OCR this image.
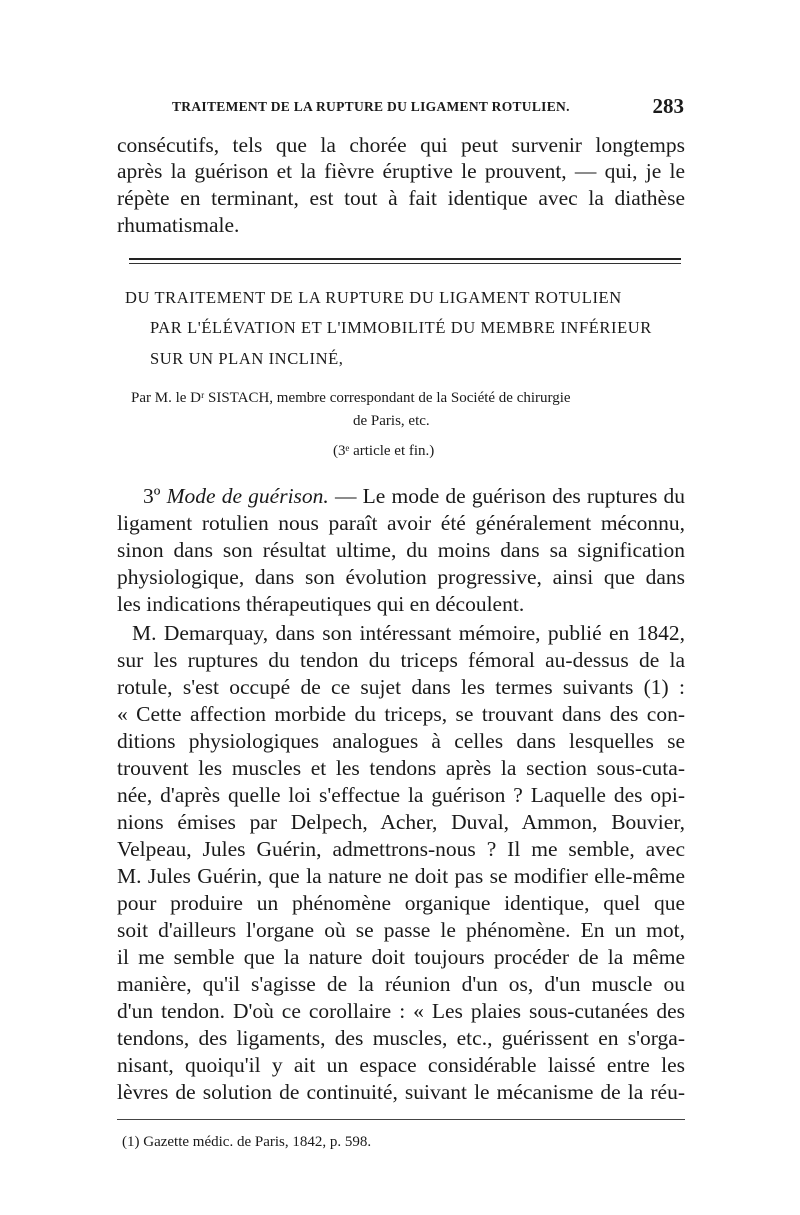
TRAITEMENT DE LA RUPTURE DU LIGAMENT ROTULIEN.	283
consécutifs, tels que la chorée qui peut survenir longtemps
après la guérison et la fièvre éruptive le prouvent, — qui, je le
répète en terminant, est tout à fait identique avec la diathèse
rhumatismale.
DU TRAITEMENT DE LA RUPTURE DU LIGAMENT ROTULIEN
PAR L'ÉLÉVATION ET L'IMMOBILITÉ DU MEMBRE INFÉRIEUR
SUR UN PLAN INCLINÉ,
Par M. le Dʳ SISTACH, membre correspondant de la Société de chirurgie
de Paris, etc.
(3ᵉ article et fin.)
3º Mode de guérison. — Le mode de guérison des ruptures du
ligament rotulien nous paraît avoir été généralement méconnu,
sinon dans son résultat ultime, du moins dans sa signification
physiologique, dans son évolution progressive, ainsi que dans
les indications thérapeutiques qui en découlent.
M. Demarquay, dans son intéressant mémoire, publié en 1842,
sur les ruptures du tendon du triceps fémoral au-dessus de la
rotule, s'est occupé de ce sujet dans les termes suivants (1) :
« Cette affection morbide du triceps, se trouvant dans des con-
ditions physiologiques analogues à celles dans lesquelles se
trouvent les muscles et les tendons après la section sous-cuta-
née, d'après quelle loi s'effectue la guérison ? Laquelle des opi-
nions émises par Delpech, Acher, Duval, Ammon, Bouvier,
Velpeau, Jules Guérin, admettrons-nous ? Il me semble, avec
M. Jules Guérin, que la nature ne doit pas se modifier elle-même
pour produire un phénomène organique identique, quel que
soit d'ailleurs l'organe où se passe le phénomène. En un mot,
il me semble que la nature doit toujours procéder de la même
manière, qu'il s'agisse de la réunion d'un os, d'un muscle ou
d'un tendon. D'où ce corollaire : « Les plaies sous-cutanées des
tendons, des ligaments, des muscles, etc., guérissent en s'orga-
nisant, quoiqu'il y ait un espace considérable laissé entre les
lèvres de solution de continuité, suivant le mécanisme de la réu-
(1) Gazette médic. de Paris, 1842, p. 598.
